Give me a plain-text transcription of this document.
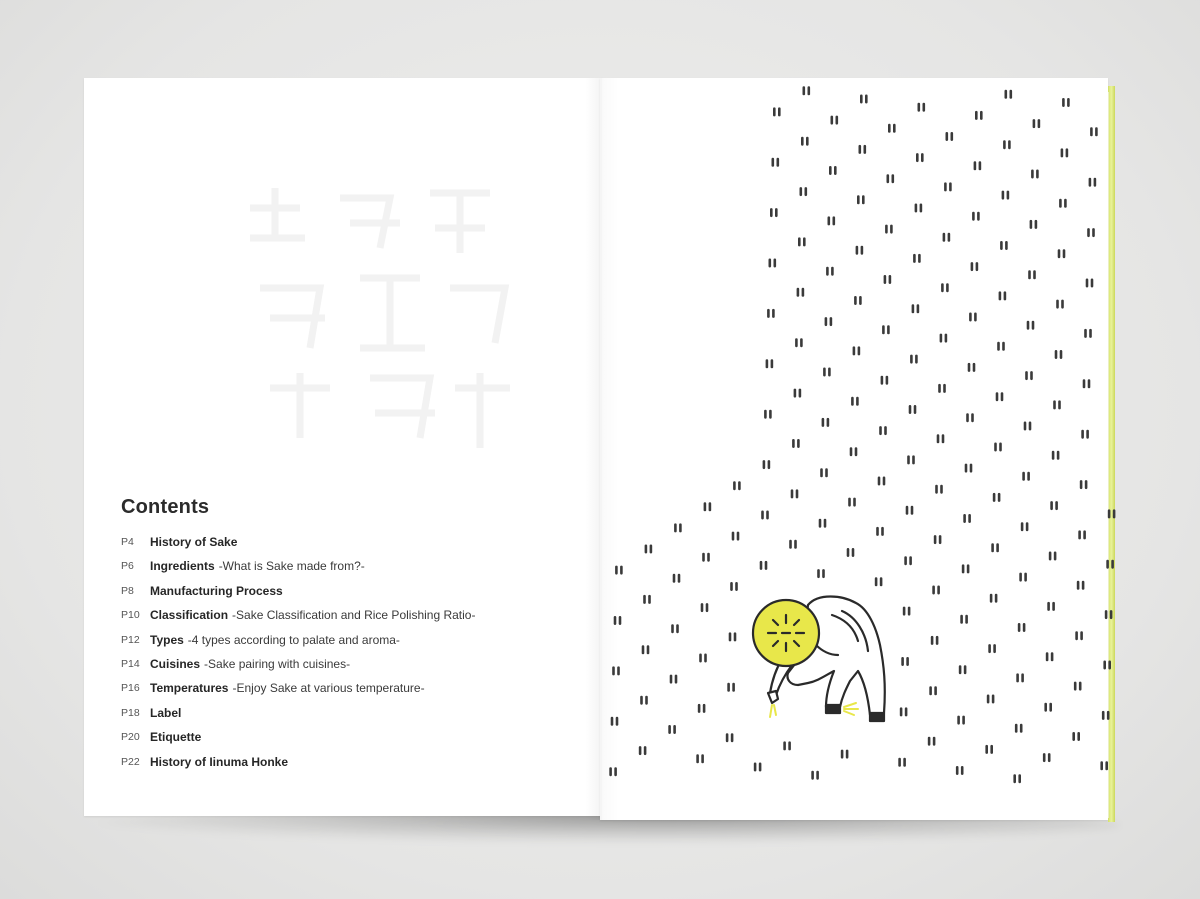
Contents
P4 History of Sake
P6 Ingredients -What is Sake made from?-
P8 Manufacturing Process
P10 Classification -Sake Classification and Rice Polishing Ratio-
P12 Types -4 types according to palate and aroma-
P14 Cuisines -Sake pairing with cuisines-
P16 Temperatures -Enjoy Sake at various temperature-
P18 Label
P20 Etiquette
P22 History of Iinuma Honke
